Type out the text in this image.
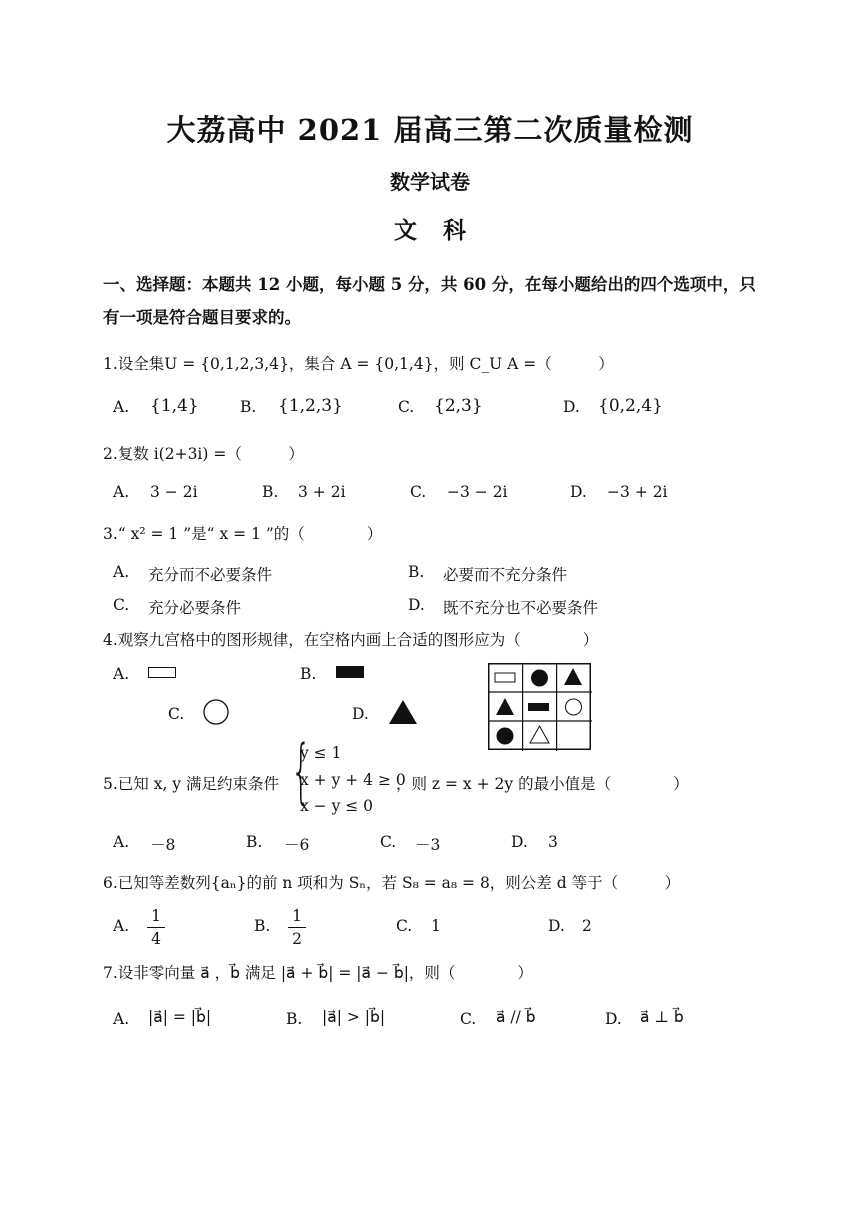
大荔高中 2021 届高三第二次质量检测
数学试卷
文科
一、选择题：本题共 12 小题，每小题 5 分，共 60 分，在每小题给出的四个选项中，只有一项是符合题目要求的。
1.设全集U = {0,1,2,3,4}，集合 A = {0,1,4}，则 C_U A =（　　　）
A. {1,4}	B. {1,2,3}	C. {2,3}	D. {0,2,4}
2.复数 i(2+3i) =（　　　）
A. 3 − 2i	B. 3 + 2i	C. −3 − 2i	D. −3 + 2i
3.“ x² = 1 ”是“ x = 1 ”的（　　　　）
A. 充分而不必要条件	B. 必要而不充分条件
C. 充分必要条件	D. 既不充分也不必要条件
4.观察九宫格中的图形规律，在空格内画上合适的图形应为（　　　　）
A.	B.
C.	D.
5.已知 x, y 满足约束条件 {
y ≤ 1
x + y + 4 ≥ 0
x − y ≤ 0
，则 z = x + 2y 的最小值是（　　　　）
A. －8	B. －6	C. －3	D. 3
6.已知等差数列{aₙ}的前 n 项和为 Sₙ，若 S₈ = a₈ = 8，则公差 d 等于（　　　）
A.
1
4
B.
1
2
C. 1	D. 2
7.设非零向量 a⃗ ，b⃗ 满足 |a⃗ + b⃗| = |a⃗ − b⃗|，则（　　　　）
A. |a⃗| = |b⃗|	B. |a⃗| > |b⃗|	C. a⃗ // b⃗	D. a⃗ ⊥ b⃗
